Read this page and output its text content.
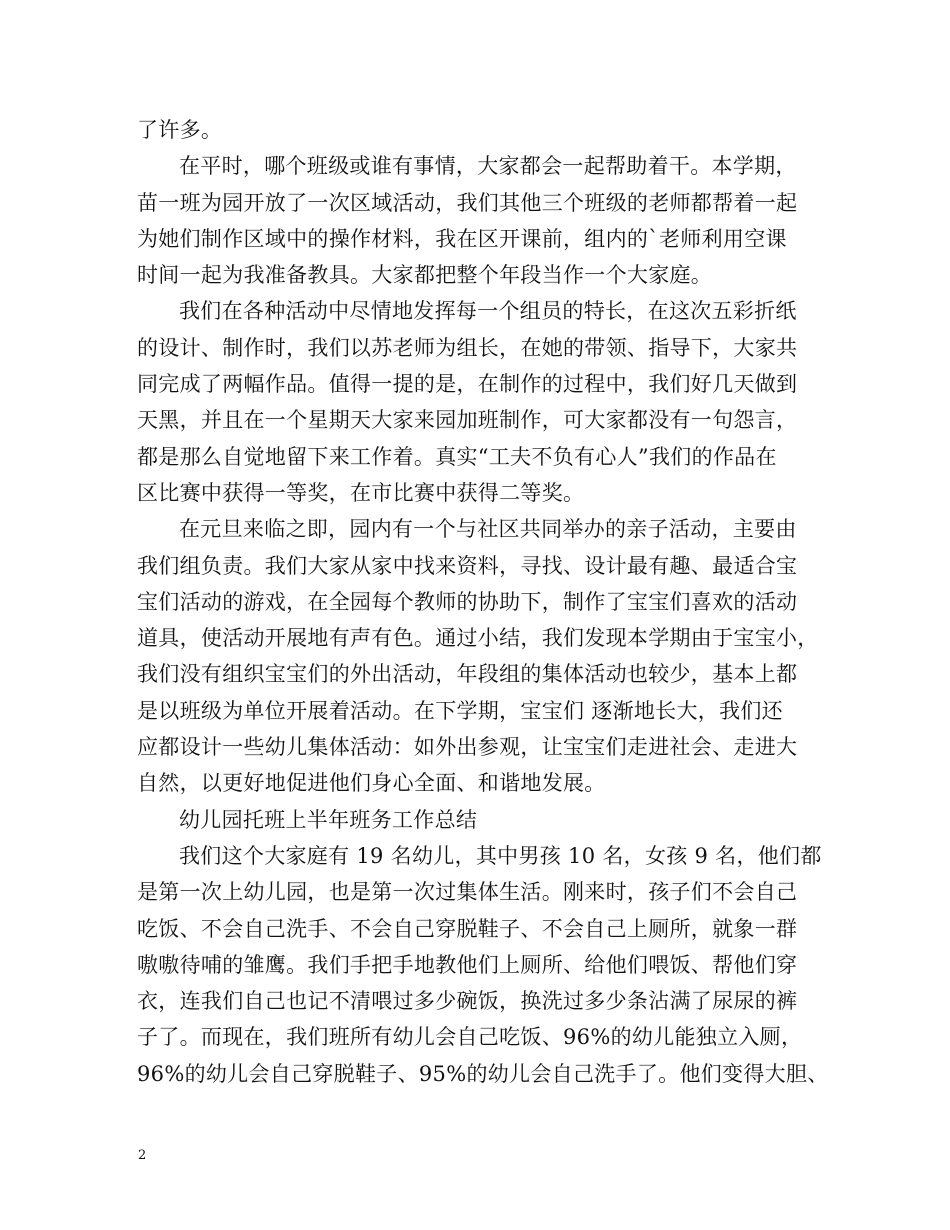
了许多。
在平时，哪个班级或谁有事情，大家都会一起帮助着干。本学期，
苗一班为园开放了一次区域活动，我们其他三个班级的老师都帮着一起
为她们制作区域中的操作材料，我在区开课前，组内的`老师利用空课
时间一起为我准备教具。大家都把整个年段当作一个大家庭。
我们在各种活动中尽情地发挥每一个组员的特长，在这次五彩折纸
的设计、制作时，我们以苏老师为组长，在她的带领、指导下，大家共
同完成了两幅作品。值得一提的是，在制作的过程中，我们好几天做到
天黑，并且在一个星期天大家来园加班制作，可大家都没有一句怨言，
都是那么自觉地留下来工作着。真实“工夫不负有心人”我们的作品在
区比赛中获得一等奖，在市比赛中获得二等奖。
在元旦来临之即，园内有一个与社区共同举办的亲子活动，主要由
我们组负责。我们大家从家中找来资料，寻找、设计最有趣、最适合宝
宝们活动的游戏，在全园每个教师的协助下，制作了宝宝们喜欢的活动
道具，使活动开展地有声有色。通过小结，我们发现本学期由于宝宝小，
我们没有组织宝宝们的外出活动，年段组的集体活动也较少，基本上都
是以班级为单位开展着活动。在下学期，宝宝们 逐渐地长大，我们还
应都设计一些幼儿集体活动：如外出参观，让宝宝们走进社会、走进大
自然，以更好地促进他们身心全面、和谐地发展。
幼儿园托班上半年班务工作总结
我们这个大家庭有 19 名幼儿，其中男孩 10 名，女孩 9 名，他们都
是第一次上幼儿园，也是第一次过集体生活。刚来时，孩子们不会自己
吃饭、不会自己洗手、不会自己穿脱鞋子、不会自己上厕所，就象一群
嗷嗷待哺的雏鹰。我们手把手地教他们上厕所、给他们喂饭、帮他们穿
衣，连我们自己也记不清喂过多少碗饭，换洗过多少条沾满了尿尿的裤
子了。而现在，我们班所有幼儿会自己吃饭、96%的幼儿能独立入厕，
96%的幼儿会自己穿脱鞋子、95%的幼儿会自己洗手了。他们变得大胆、
2
